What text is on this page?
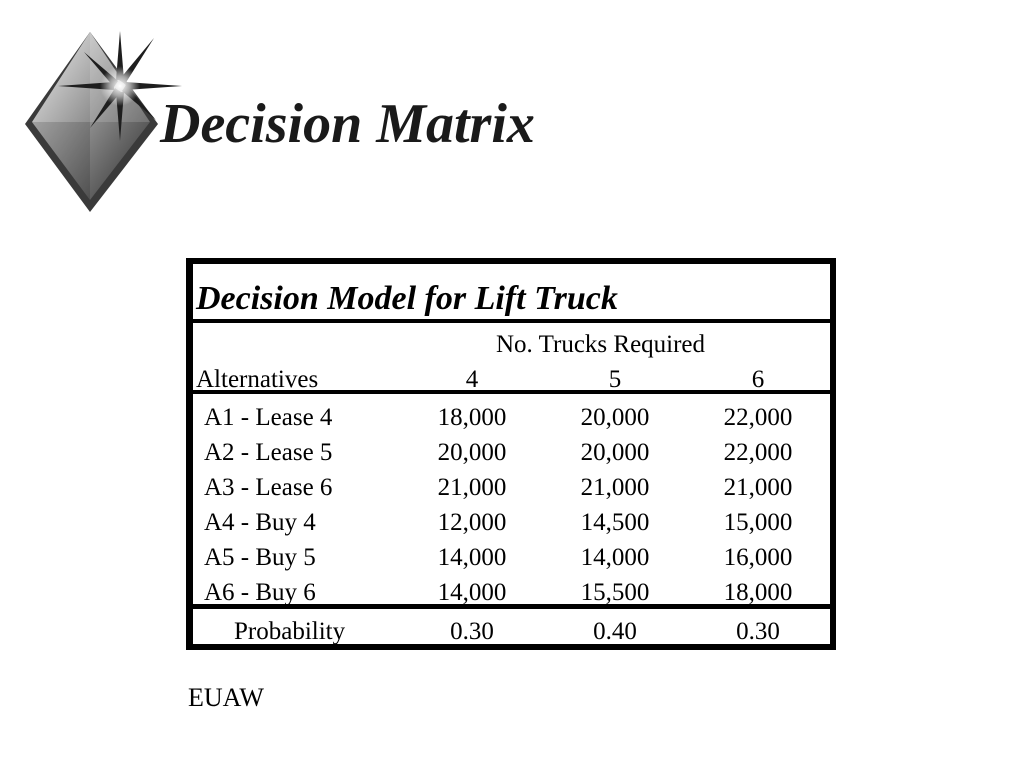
Decision Matrix
Decision Model for Lift Truck
No. Trucks Required
Alternatives	4	5	6
A1 - Lease 4	18,000	20,000	22,000
A2 - Lease 5	20,000	20,000	22,000
A3 - Lease 6	21,000	21,000	21,000
A4 - Buy 4	12,000	14,500	15,000
A5 - Buy 5	14,000	14,000	16,000
A6 - Buy 6	14,000	15,500	18,000
Probability	0.30	0.40	0.30
EUAW
